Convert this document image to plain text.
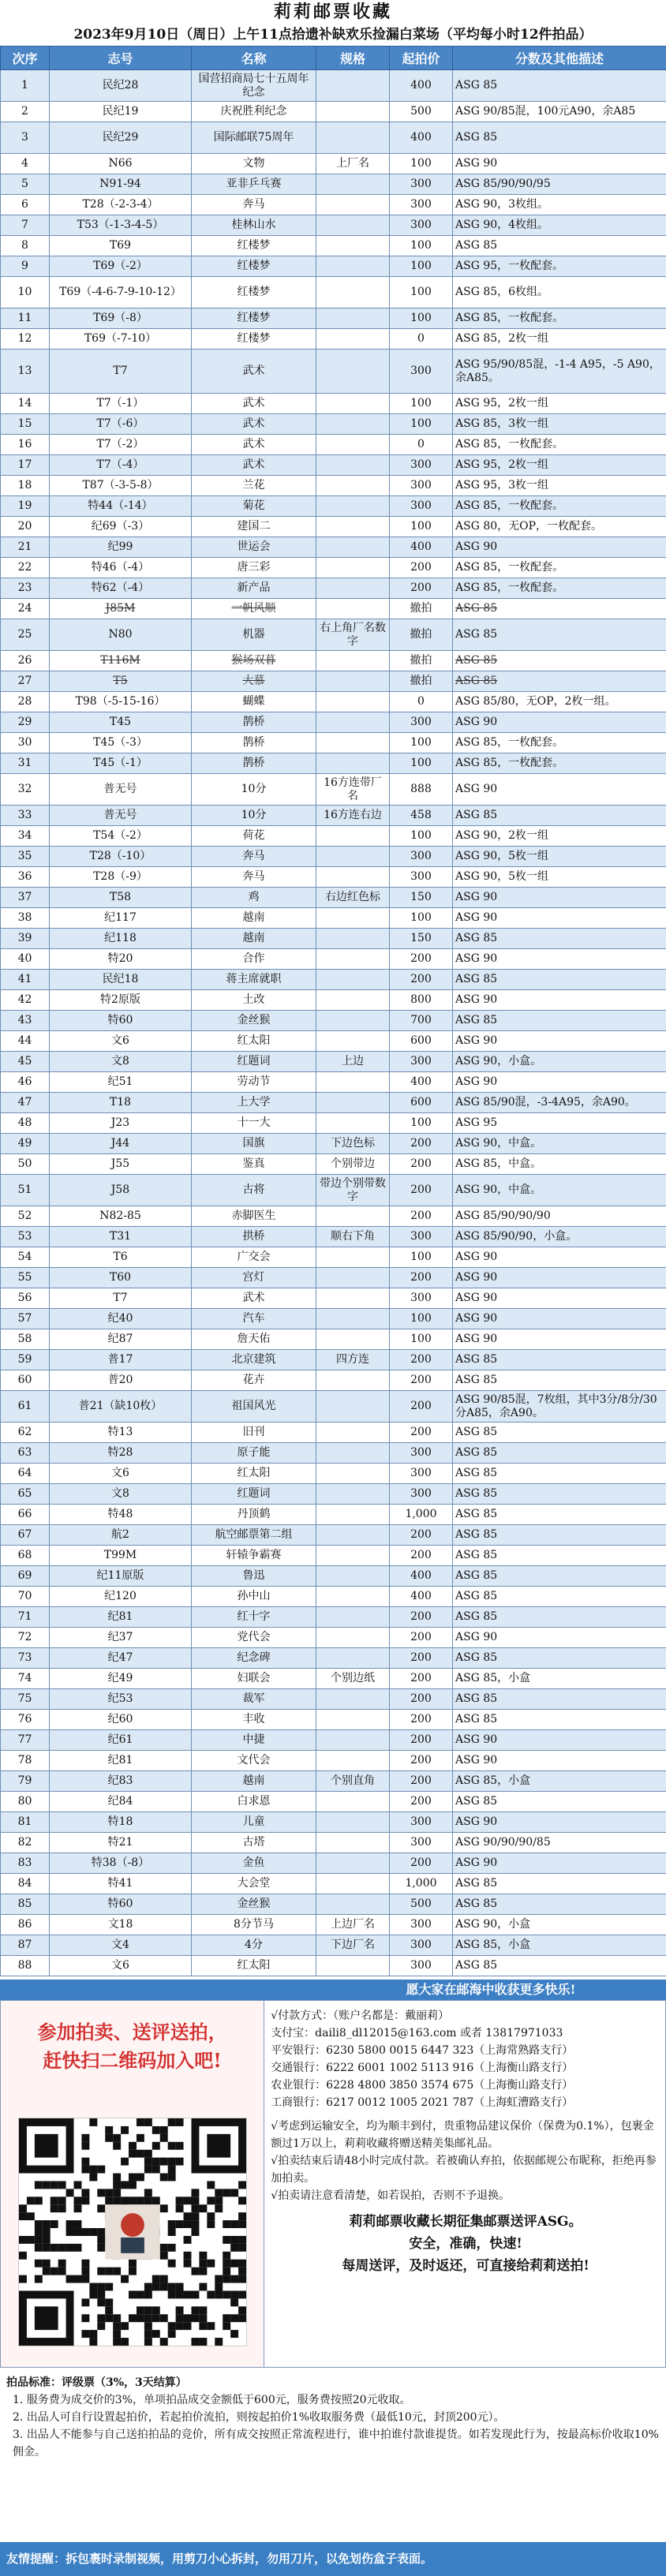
莉莉邮票收藏
2023年9月10日（周日）上午11点拾遗补缺欢乐捡漏白菜场（平均每小时12件拍品）
次序	志号	名称	规格	起拍价	分数及其他描述
1	民纪28	国营招商局七十五周年纪念		400	ASG 85
2	民纪19	庆祝胜利纪念		500	ASG 90/85混，100元A90，余A85
3	民纪29	国际邮联75周年		400	ASG 85
4	N66	文物	上厂名	100	ASG 90
5	N91-94	亚非乒乓赛		300	ASG 85/90/90/95
6	T28（-2-3-4）	奔马		300	ASG 90，3枚组。
7	T53（-1-3-4-5）	桂林山水		300	ASG 90，4枚组。
8	T69	红楼梦		100	ASG 85
9	T69（-2）	红楼梦		100	ASG 95，一枚配套。
10	T69（-4-6-7-9-10-12）	红楼梦		100	ASG 85，6枚组。
11	T69（-8）	红楼梦		100	ASG 85，一枚配套。
12	T69（-7-10）	红楼梦		0	ASG 85，2枚一组
13	T7	武术		300	ASG 95/90/85混，-1-4 A95，-5 A90，余A85。
14	T7（-1）	武术		100	ASG 95，2枚一组
15	T7（-6）	武术		100	ASG 85，3枚一组
16	T7（-2）	武术		0	ASG 85，一枚配套。
17	T7（-4）	武术		300	ASG 95，2枚一组
18	T87（-3-5-8）	兰花		300	ASG 95，3枚一组
19	特44（-14）	菊花		300	ASG 85，一枚配套。
20	纪69（-3）	建国二		100	ASG 80，无OP，一枚配套。
21	纪99	世运会		400	ASG 90
22	特46（-4）	唐三彩		200	ASG 85，一枚配套。
23	特62（-4）	新产品		200	ASG 85，一枚配套。
24	J85M	一帆风顺		撤拍	ASG 85
25	N80	机器	右上角厂名数字	撤拍	ASG 85
26	T116M	猴场双暮		撤拍	ASG 85
27	T5	大慕		撤拍	ASG 85
28	T98（-5-15-16）	蝴蝶		0	ASG 85/80，无OP，2枚一组。
29	T45	鹊桥		300	ASG 90
30	T45（-3）	鹊桥		100	ASG 85，一枚配套。
31	T45（-1）	鹊桥		100	ASG 85，一枚配套。
32	普无号	10分	16方连带厂名	888	ASG 90
33	普无号	10分	16方连右边	458	ASG 85
34	T54（-2）	荷花		100	ASG 90，2枚一组
35	T28（-10）	奔马		300	ASG 90，5枚一组
36	T28（-9）	奔马		300	ASG 90，5枚一组
37	T58	鸡	右边红色标	150	ASG 90
38	纪117	越南		100	ASG 90
39	纪118	越南		150	ASG 85
40	特20	合作		200	ASG 90
41	民纪18	蒋主席就职		200	ASG 85
42	特2原版	土改		800	ASG 90
43	特60	金丝猴		700	ASG 85
44	文6	红太阳		600	ASG 90
45	文8	红题词	上边	300	ASG 90，小盒。
46	纪51	劳动节		400	ASG 90
47	T18	上大学		600	ASG 85/90混，-3-4A95，余A90。
48	J23	十一大		100	ASG 95
49	J44	国旗	下边色标	200	ASG 90，中盒。
50	J55	鉴真	个别带边	200	ASG 85，中盒。
51	J58	古将	带边个别带数字	200	ASG 90，中盒。
52	N82-85	赤脚医生		200	ASG 85/90/90/90
53	T31	拱桥	顺右下角	300	ASG 85/90/90，小盒。
54	T6	广交会		100	ASG 90
55	T60	宫灯		200	ASG 90
56	T7	武术		300	ASG 90
57	纪40	汽车		100	ASG 90
58	纪87	詹天佑		100	ASG 90
59	普17	北京建筑	四方连	200	ASG 85
60	普20	花卉		200	ASG 85
61	普21（缺10枚）	祖国风光		200	ASG 90/85混，7枚组，其中3分/8分/30分A85，余A90。
62	特13	旧刊		200	ASG 85
63	特28	原子能		300	ASG 85
64	文6	红太阳		300	ASG 85
65	文8	红题词		300	ASG 85
66	特48	丹顶鹤		1,000	ASG 85
67	航2	航空邮票第二组		200	ASG 85
68	T99M	轩辕争霸赛		200	ASG 85
69	纪11原版	鲁迅		400	ASG 85
70	纪120	孙中山		400	ASG 85
71	纪81	红十字		200	ASG 85
72	纪37	党代会		200	ASG 90
73	纪47	纪念碑		200	ASG 85
74	纪49	妇联会	个别边纸	200	ASG 85，小盒
75	纪53	裁军		200	ASG 85
76	纪60	丰收		200	ASG 85
77	纪61	中捷		200	ASG 90
78	纪81	文代会		200	ASG 90
79	纪83	越南	个别直角	200	ASG 85，小盒
80	纪84	白求恩		200	ASG 85
81	特18	儿童		300	ASG 90
82	特21	古塔		300	ASG 90/90/90/85
83	特38（-8）	金鱼		200	ASG 90
84	特41	大会堂		1,000	ASG 85
85	特60	金丝猴		500	ASG 85
86	文18	8分节马	上边厂名	300	ASG 90，小盒
87	文4	4分	下边厂名	300	ASG 85，小盒
88	文6	红太阳		300	ASG 85
愿大家在邮海中收获更多快乐!
参加拍卖、送评送拍，
赶快扫二维码加入吧!
√付款方式：（账户名都是：戴丽莉）
支付宝：daili8_dl12015@163.com 或者 13817971033
平安银行：6230 5800 0015 6447 323（上海常熟路支行）
交通银行：6222 6001 1002 5113 916（上海衡山路支行）
农业银行：6228 4800 3850 3574 675（上海衡山路支行）
工商银行：6217 0012 1005 2021 787（上海虹漕路支行）
√考虑到运输安全，均为顺丰到付，贵重物品建议保价（保费为0.1%），包裹金额过1万以上，莉莉收藏将赠送精美集邮礼品。
√拍卖结束后请48小时完成付款。若被确认弃拍，依据邮规公布昵称，拒绝再参加拍卖。
√拍卖请注意看清楚，如若误拍，否则不予退换。
莉莉邮票收藏长期征集邮票送评ASG。
安全，准确，快速!
每周送评，及时返还，可直接给莉莉送拍!
拍品标准：评级票（3%，3天结算）
1. 服务费为成交价的3%，单项拍品成交金额低于600元，服务费按照20元收取。
2. 出品人可自行设置起拍价，若起拍价流拍，则按起拍价1%收取服务费（最低10元，封顶200元）。
3. 出品人不能参与自己送拍拍品的竞价，所有成交按照正常流程进行，谁中拍谁付款谁提货。如若发现此行为，按最高标价收取10%佣金。
友情提醒：拆包裹时录制视频，用剪刀小心拆封，勿用刀片，以免划伤盒子表面。
